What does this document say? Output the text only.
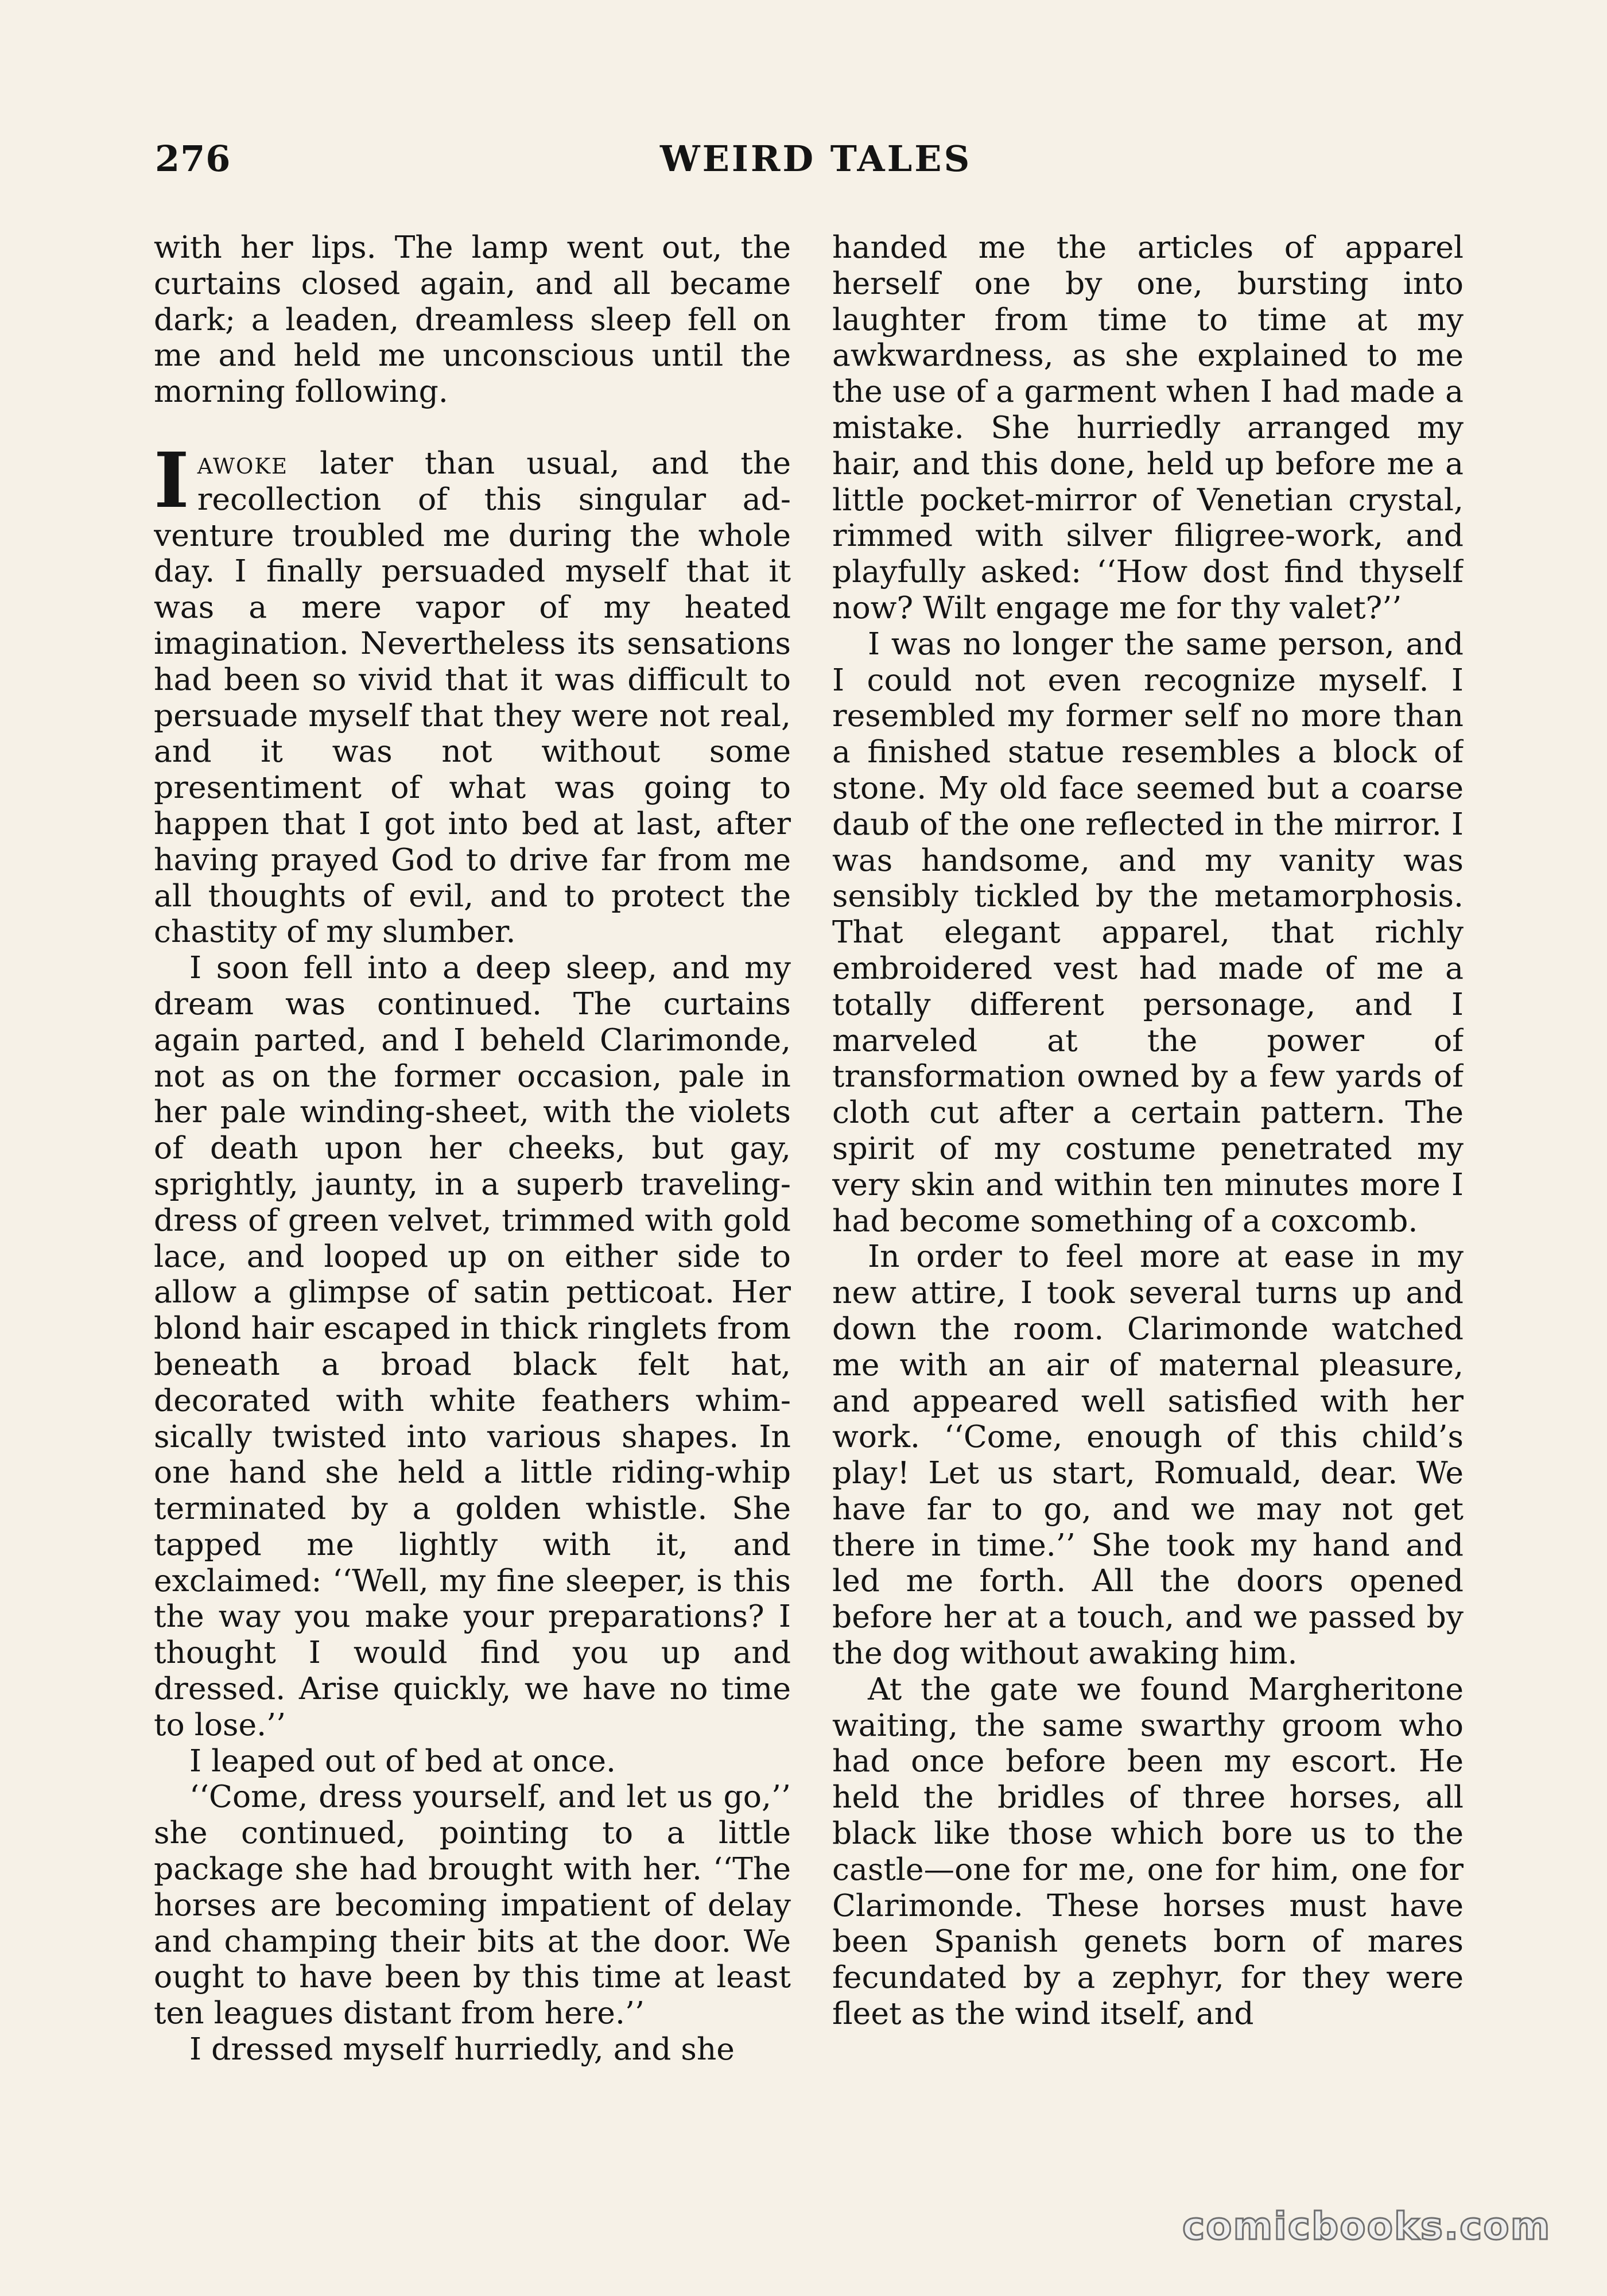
276	WEIRD TALES

with her lips. The lamp went out, the curtains closed again, and all became dark; a leaden, dreamless sleep fell on me and held me unconscious until the morning following.

Iawoke later than usual, and the recollection of this singular adventure troubled me during the whole day. I finally persuaded myself that it was a mere vapor of my heated imagination. Nevertheless its sensations had been so vivid that it was difficult to persuade myself that they were not real, and it was not without some presentiment of what was going to happen that I got into bed at last, after having prayed God to drive far from me all thoughts of evil, and to protect the chastity of my slumber.

I soon fell into a deep sleep, and my dream was continued. The curtains again parted, and I beheld Clarimonde, not as on the former occasion, pale in her pale winding-sheet, with the violets of death upon her cheeks, but gay, sprightly, jaunty, in a superb traveling-dress of green velvet, trimmed with gold lace, and looped up on either side to allow a glimpse of satin petticoat. Her blond hair escaped in thick ringlets from beneath a broad black felt hat, decorated with white feathers whimsically twisted into various shapes. In one hand she held a little riding-whip terminated by a golden whistle. She tapped me lightly with it, and exclaimed: ‘‘Well, my fine sleeper, is this the way you make your preparations? I thought I would find you up and dressed. Arise quickly, we have no time to lose.’’

I leaped out of bed at once.

‘‘Come, dress yourself, and let us go,’’ she continued, pointing to a little package she had brought with her. ‘‘The horses are becoming impatient of delay and champing their bits at the door. We ought to have been by this time at least ten leagues distant from here.’’

I dressed myself hurriedly, and she

handed me the articles of apparel herself one by one, bursting into laughter from time to time at my awkwardness, as she explained to me the use of a garment when I had made a mistake. She hurriedly arranged my hair, and this done, held up before me a little pocket-mirror of Venetian crystal, rimmed with silver filigree-work, and playfully asked: ‘‘How dost find thyself now? Wilt engage me for thy valet?’’

I was no longer the same person, and I could not even recognize myself. I resembled my former self no more than a finished statue resembles a block of stone. My old face seemed but a coarse daub of the one reflected in the mirror. I was handsome, and my vanity was sensibly tickled by the metamorphosis. That elegant apparel, that richly embroidered vest had made of me a totally different personage, and I marveled at the power of transformation owned by a few yards of cloth cut after a certain pattern. The spirit of my costume penetrated my very skin and within ten minutes more I had become something of a coxcomb.

In order to feel more at ease in my new attire, I took several turns up and down the room. Clarimonde watched me with an air of maternal pleasure, and appeared well satisfied with her work. ‘‘Come, enough of this child’s play! Let us start, Romuald, dear. We have far to go, and we may not get there in time.’’ She took my hand and led me forth. All the doors opened before her at a touch, and we passed by the dog without awaking him.

At the gate we found Margheritone waiting, the same swarthy groom who had once before been my escort. He held the bridles of three horses, all black like those which bore us to the castle—one for me, one for him, one for Clarimonde. These horses must have been Spanish genets born of mares fecundated by a zephyr, for they were fleet as the wind itself, and

comicbooks.com
